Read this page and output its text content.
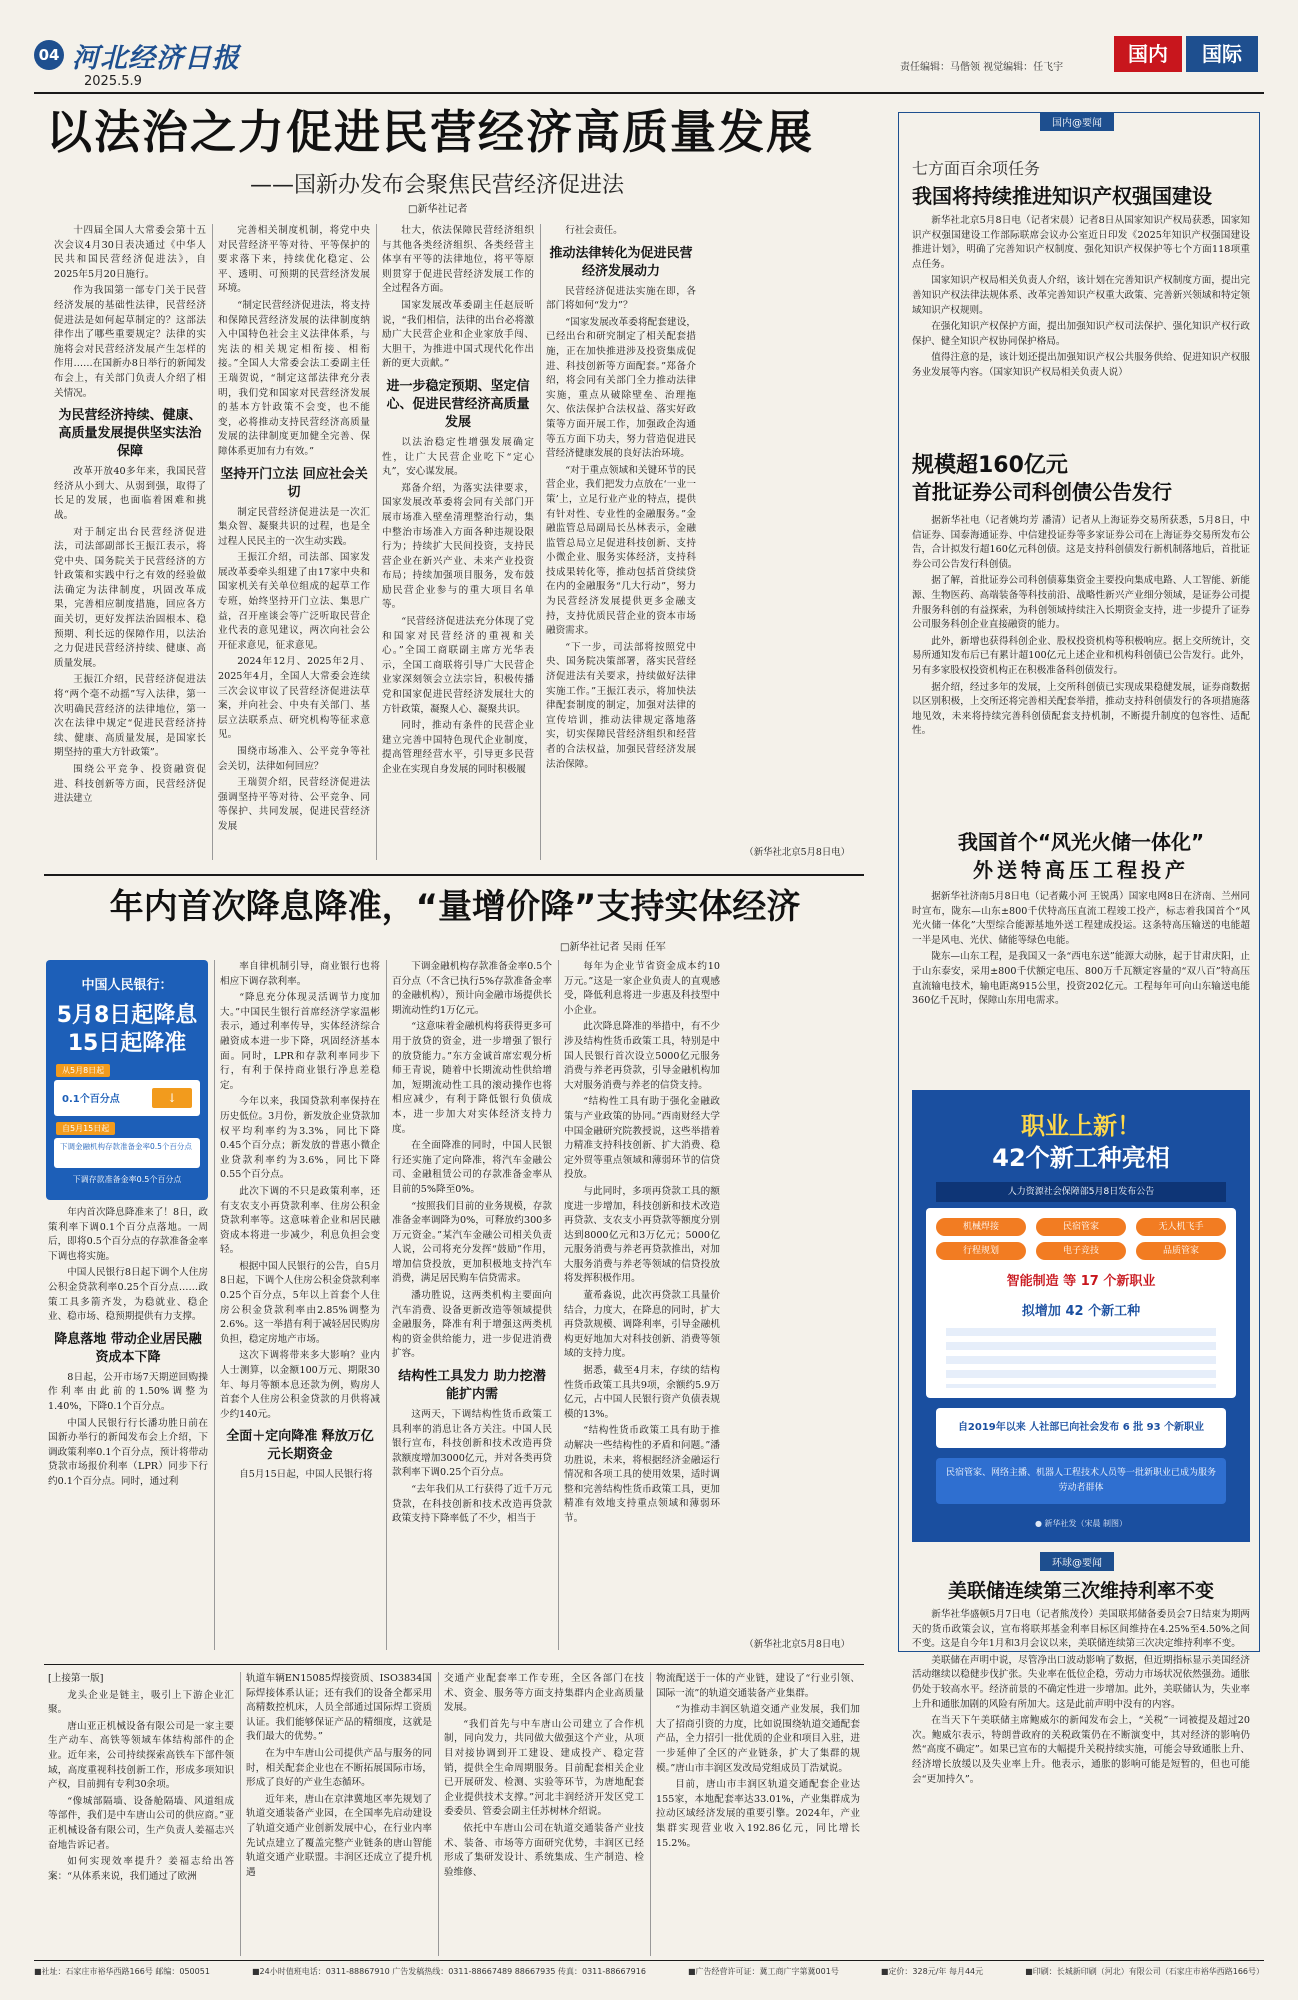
04 河北经济日报
2025.5.9
责任编辑：马偕领 视觉编辑：任飞宇
国内	国际
以法治之力促进民营经济高质量发展
——国新办发布会聚焦民营经济促进法
□新华社记者

十四届全国人大常委会第十五次会议4月30日表决通过《中华人民共和国民营经济促进法》，自2025年5月20日施行。

作为我国第一部专门关于民营经济发展的基础性法律，民营经济促进法是如何起草制定的？这部法律作出了哪些重要规定？法律的实施将会对民营经济发展产生怎样的作用……在国新办8日举行的新闻发布会上，有关部门负责人介绍了相关情况。

为民营经济持续、健康、高质量发展提供坚实法治保障

改革开放40多年来，我国民营经济从小到大、从弱到强，取得了长足的发展，也面临着困难和挑战。

对于制定出台民营经济促进法，司法部副部长王振江表示，将党中央、国务院关于民营经济的方针政策和实践中行之有效的经验做法确定为法律制度，巩固改革成果，完善相应制度措施，回应各方面关切，更好发挥法治固根本、稳预期、利长远的保障作用，以法治之力促进民营经济持续、健康、高质量发展。

王振江介绍，民营经济促进法将“两个毫不动摇”写入法律，第一次明确民营经济的法律地位，第一次在法律中规定“促进民营经济持续、健康、高质量发展，是国家长期坚持的重大方针政策”。

围绕公平竞争、投资融资促进、科技创新等方面，民营经济促进法建立

完善相关制度机制，将党中央对民营经济平等对待、平等保护的要求落下来，持续优化稳定、公平、透明、可预期的民营经济发展环境。

“制定民营经济促进法，将支持和保障民营经济发展的法律制度纳入中国特色社会主义法律体系，与宪法的相关规定相衔接、相衔接。”全国人大常委会法工委副主任王瑞贺说，“制定这部法律充分表明，我们党和国家对民营经济发展的基本方针政策不会变，也不能变，必将推动支持民营经济高质量发展的法律制度更加健全完善、保障体系更加有力有效。”

坚持开门立法 回应社会关切

制定民营经济促进法是一次汇集众智、凝聚共识的过程，也是全过程人民民主的一次生动实践。

王振江介绍，司法部、国家发展改革委牵头组建了由17家中央和国家机关有关单位组成的起草工作专班，始终坚持开门立法、集思广益，召开座谈会等广泛听取民营企业代表的意见建议，两次向社会公开征求意见，征求意见。

2024年12月、2025年2月、2025年4月，全国人大常委会连续三次会议审议了民营经济促进法草案，并向社会、中央有关部门、基层立法联系点、研究机构等征求意见。

围绕市场准入、公平竞争等社会关切，法律如何回应？

王瑞贺介绍，民营经济促进法强调坚持平等对待、公平竞争、同等保护、共同发展，促进民营经济发展

壮大，依法保障民营经济组织与其他各类经济组织、各类经营主体享有平等的法律地位，将平等原则贯穿于促进民营经济发展工作的全过程各方面。

国家发展改革委副主任赵辰昕说，“我们相信，法律的出台必将激励广大民营企业和企业家放手闯、大胆干，为推进中国式现代化作出新的更大贡献。”

进一步稳定预期、坚定信心、促进民营经济高质量发展

以法治稳定性增强发展确定性，让广大民营企业吃下“定心丸”，安心谋发展。

郑备介绍，为落实法律要求，国家发展改革委将会同有关部门开展市场准入壁垒清理整治行动，集中整治市场准入方面各种违规设限行为；持续扩大民间投资，支持民营企业在新兴产业、未来产业投资布局；持续加强项目服务，发布鼓励民营企业参与的重大项目名单等。

“民营经济促进法充分体现了党和国家对民营经济的重视和关心。”全国工商联副主席方光华表示，全国工商联将引导广大民营企业家深刻领会立法宗旨，积极传播党和国家促进民营经济发展壮大的方针政策，凝聚人心、凝聚共识。

同时，推动有条件的民营企业建立完善中国特色现代企业制度，提高管理经营水平，引导更多民营企业在实现自身发展的同时积极履

行社会责任。

推动法律转化为促进民营经济发展动力

民营经济促进法实施在即，各部门将如何“发力”？

“国家发展改革委将配套建设，已经出台和研究制定了相关配套措施，正在加快推进涉及投资集成促进、科技创新等方面配套。”郑备介绍，将会同有关部门全力推动法律实施，重点从破除壁垒、治理拖欠、依法保护合法权益、落实好政策等方面开展工作，加强政企沟通等五方面下功夫，努力营造促进民营经济健康发展的良好法治环境。

“对于重点领域和关键环节的民营企业，我们把发力点放在‘一业一策’上，立足行业产业的特点，提供有针对性、专业性的金融服务。”金融监管总局副局长丛林表示，金融监管总局立足促进科技创新、支持小微企业、服务实体经济，支持科技成果转化等，推动包括首贷续贷在内的金融服务“几大行动”，努力为民营经济发展提供更多金融支持，支持优质民营企业的资本市场融资需求。

“下一步，司法部将按照党中央、国务院决策部署，落实民营经济促进法有关要求，持续做好法律实施工作。”王振江表示，将加快法律配套制度的制定，加强对法律的宣传培训，推动法律规定落地落实，切实保障民营经济组织和经营者的合法权益，加强民营经济发展法治保障。

（新华社北京5月8日电）
年内首次降息降准，“量增价降”支持实体经济
□新华社记者 吴雨 任军
中国人民银行：
5月8日起降息
15日起降准
从5月8日起
0.1个百分点	↓
自5月15日起
下调金融机构存款准备金率0.5个百分点
下调存款准备金率0.5个百分点

年内首次降息降准来了！8日，政策利率下调0.1个百分点落地。一周后，即将0.5个百分点的存款准备金率下调也将实施。

中国人民银行8日起下调个人住房公积金贷款利率0.25个百分点……政策工具多箭齐发，为稳就业、稳企业、稳市场、稳预期提供有力支撑。

降息落地 带动企业居民融资成本下降

8日起，公开市场7天期逆回购操作利率由此前的1.50%调整为1.40%，下降0.1个百分点。

中国人民银行行长潘功胜日前在国新办举行的新闻发布会上介绍，下调政策利率0.1个百分点，预计将带动贷款市场报价利率（LPR）同步下行约0.1个百分点。同时，通过利

率自律机制引导，商业银行也将相应下调存款利率。

“降息充分体现灵活调节力度加大。”中国民生银行首席经济学家温彬表示，通过利率传导，实体经济综合融资成本进一步下降，巩固经济基本面。同时，LPR和存款利率同步下行，有利于保持商业银行净息差稳定。

今年以来，我国贷款利率保持在历史低位。3月份，新发放企业贷款加权平均利率约为3.3%，同比下降0.45个百分点；新发放的普惠小微企业贷款利率约为3.6%，同比下降0.55个百分点。

此次下调的不只是政策利率，还有支农支小再贷款利率、住房公积金贷款利率等。这意味着企业和居民融资成本将进一步减少，利息负担会变轻。

根据中国人民银行的公告，自5月8日起，下调个人住房公积金贷款利率0.25个百分点，5年以上首套个人住房公积金贷款利率由2.85%调整为2.6%。这一举措有利于减轻居民购房负担，稳定房地产市场。

这次下调将带来多大影响？业内人士测算，以金额100万元、期限30年、每月等额本息还款为例，购房人首套个人住房公积金贷款的月供将减少约140元。

全面＋定向降准 释放万亿元长期资金

自5月15日起，中国人民银行将

下调金融机构存款准备金率0.5个百分点（不含已执行5%存款准备金率的金融机构），预计向金融市场提供长期流动性约1万亿元。

“这意味着金融机构将获得更多可用于放贷的资金，进一步增强了银行的放贷能力。”东方金诚首席宏观分析师王青说，随着中长期流动性供给增加，短期流动性工具的滚动操作也将相应减少，有利于降低银行负债成本，进一步加大对实体经济支持力度。

在全面降准的同时，中国人民银行还实施了定向降准，将汽车金融公司、金融租赁公司的存款准备金率从目前的5%降至0%。

“按照我们目前的业务规模，存款准备金率调降为0%，可释放约300多万元资金。”某汽车金融公司相关负责人说，公司将充分发挥“鼓励”作用，增加信贷投放，更加积极地支持汽车消费，满足居民购车信贷需求。

潘功胜说，这两类机构主要面向汽车消费、设备更新改造等领域提供金融服务，降准有利于增强这两类机构的资金供给能力，进一步促进消费扩容。

结构性工具发力 助力挖潜能扩内需

这两天，下调结构性货币政策工具利率的消息让各方关注。中国人民银行宣布，科技创新和技术改造再贷款额度增加3000亿元，并对各类再贷款利率下调0.25个百分点。

“去年我们从工行获得了近千万元贷款，在科技创新和技术改造再贷款政策支持下降率低了不少，相当于

每年为企业节省资金成本约10万元。”这是一家企业负责人的直观感受，降低利息将进一步惠及科技型中小企业。

此次降息降准的举措中，有不少涉及结构性货币政策工具，特别是中国人民银行首次设立5000亿元服务消费与养老再贷款，引导金融机构加大对服务消费与养老的信贷支持。

“结构性工具有助于强化金融政策与产业政策的协同。”西南财经大学中国金融研究院教授说，这些举措着力精准支持科技创新、扩大消费、稳定外贸等重点领域和薄弱环节的信贷投放。

与此同时，多项再贷款工具的额度进一步增加，科技创新和技术改造再贷款、支农支小再贷款等额度分别达到8000亿元和3万亿元；5000亿元服务消费与养老再贷款推出，对加大服务消费与养老等领域的信贷投放将发挥积极作用。

董希淼说，此次再贷款工具量价结合，力度大，在降息的同时，扩大再贷款规模、调降利率，引导金融机构更好地加大对科技创新、消费等领域的支持力度。

据悉，截至4月末，存续的结构性货币政策工具共9项，余额约5.9万亿元，占中国人民银行资产负债表规模的13%。

“结构性货币政策工具有助于推动解决一些结构性的矛盾和问题。”潘功胜说，未来，将根据经济金融运行情况和各项工具的使用效果，适时调整和完善结构性货币政策工具，更加精准有效地支持重点领域和薄弱环节。

（新华社北京5月8日电）
国内@要闻
七方面百余项任务
我国将持续推进知识产权强国建设

新华社北京5月8日电（记者宋晨）记者8日从国家知识产权局获悉，国家知识产权强国建设工作部际联席会议办公室近日印发《2025年知识产权强国建设推进计划》，明确了完善知识产权制度、强化知识产权保护等七个方面118项重点任务。

国家知识产权局相关负责人介绍，该计划在完善知识产权制度方面，提出完善知识产权法律法规体系、改革完善知识产权重大政策、完善新兴领域和特定领域知识产权规则。

在强化知识产权保护方面，提出加强知识产权司法保护、强化知识产权行政保护、健全知识产权协同保护格局。

值得注意的是，该计划还提出加强知识产权公共服务供给、促进知识产权服务业发展等内容。（国家知识产权局相关负责人说）

规模超160亿元
首批证券公司科创债公告发行

据新华社电（记者姚均芳 潘清）记者从上海证券交易所获悉，5月8日，中信证券、国泰海通证券、中信建投证券等多家证券公司在上海证券交易所发布公告，合计拟发行超160亿元科创债。这是支持科创债发行新机制落地后，首批证券公司公告发行科创债。

据了解，首批证券公司科创债募集资金主要投向集成电路、人工智能、新能源、生物医药、高端装备等科技前沿、战略性新兴产业细分领域，是证券公司提升服务科创的有益探索，为科创领域持续注入长期资金支持，进一步提升了证券公司服务科创企业直接融资的能力。

此外，新增也获得科创企业、股权投资机构等积极响应。据上交所统计，交易所通知发布后已有累计超100亿元上述企业和机构科创债已公告发行。此外，另有多家股权投资机构正在积极准备科创债发行。

据介绍，经过多年的发展，上交所科创债已实现成果稳健发展，证券商数据以区别积极，上交所还将完善相关配套举措，推动支持科创债发行的各项措施落地见效，未来将持续完善科创债配套支持机制，不断提升制度的包容性、适配性。

我国首个“风光火储一体化”
外送特高压工程投产

据新华社济南5月8日电（记者戴小河 王锐禹）国家电网8日在济南、兰州同时宣布，陇东—山东±800千伏特高压直流工程竣工投产，标志着我国首个“风光火储一体化”大型综合能源基地外送工程建成投运。这条特高压输送的电能超一半是风电、光伏、储能等绿色电能。

陇东—山东工程，是我国又一条“西电东送”能源大动脉，起于甘肃庆阳，止于山东泰安，采用±800千伏额定电压、800万千瓦额定容量的“双八百”特高压直流输电技术，输电距离915公里，投资202亿元。工程每年可向山东输送电能360亿千瓦时，保障山东用电需求。

职业上新！
42个新工种亮相
人力资源社会保障部5月8日发布公告
机械焊接	民宿管家	无人机飞手
行程规划	电子竞技	品质管家
智能制造 等 17 个新职业
拟增加 42 个新工种
自2019年以来 人社部已向社会发布 6 批 93 个新职业
民宿管家、网络主播、机器人工程技术人员等一批新职业已成为服务劳动者群体
● 新华社发（宋晨 制图）
环球@要闻
美联储连续第三次维持利率不变

新华社华盛顿5月7日电（记者熊茂伶）美国联邦储备委员会7日结束为期两天的货币政策会议，宣布将联邦基金利率目标区间维持在4.25%至4.50%之间不变。这是自今年1月和3月会议以来，美联储连续第三次决定维持利率不变。

美联储在声明中说，尽管净出口波动影响了数据，但近期指标显示美国经济活动继续以稳健步伐扩张。失业率在低位企稳，劳动力市场状况依然强劲。通胀仍处于较高水平。经济前景的不确定性进一步增加。此外，美联储认为，失业率上升和通胀加剧的风险有所加大。这是此前声明中没有的内容。

在当天下午美联储主席鲍威尔的新闻发布会上，“关税”一词被提及超过20次。鲍威尔表示，特朗普政府的关税政策仍在不断演变中，其对经济的影响仍然“高度不确定”。如果已宣布的大幅提升关税持续实施，可能会导致通胀上升、经济增长放缓以及失业率上升。他表示，通胀的影响可能是短暂的，但也可能会“更加持久”。

[上接第一版]

龙头企业是链主，吸引上下游企业汇聚。

唐山亚正机械设备有限公司是一家主要生产动车、高铁等领域车体结构部件的企业。近年来，公司持续探索高铁车下部件领域，高度重视科技创新工作，形成多项知识产权，目前拥有专利30余项。

“像城部隔墙、设备舱隔墙、风道组成等部件，我们是中车唐山公司的供应商。”亚正机械设备有限公司，生产负责人姜福志兴奋地告诉记者。

如何实现效率提升？姜福志给出答案：“从体系来说，我们通过了欧洲

轨道车辆EN15085焊接资质、ISO3834国际焊接体系认证；还有我们的设备全都采用高精数控机床，人员全部通过国际焊工资质认证。我们能够保证产品的精细度，这就是我们最大的优势。”

在为中车唐山公司提供产品与服务的同时，相关配套企业也在不断拓展国际市场，形成了良好的产业生态循环。

近年来，唐山在京津冀地区率先规划了轨道交通装备产业园，在全国率先启动建设了轨道交通产业创新发展中心，在行业内率先试点建立了覆盖完整产业链条的唐山智能轨道交通产业联盟。丰润区还成立了提升机遇

交通产业配套率工作专班，全区各部门在技术、资金、服务等方面支持集群内企业高质量发展。

“我们首先与中车唐山公司建立了合作机制，同向发力，共同做大做强这个产业，从项目对接协调到开工建设、建成投产、稳定营销，提供全生命周期服务。目前配套相关企业已开展研发、检测、实验等环节，为唐地配套企业提供技术支撑。”河北丰润经济开发区党工委委员、管委会副主任苏树林介绍说。

依托中车唐山公司在轨道交通装备产业技术、装备、市场等方面研究优势，丰润区已经形成了集研发设计、系统集成、生产制造、检验维修、

物流配送于一体的产业链，建设了“行业引领、国际一流”的轨道交通装备产业集群。

“为推动丰润区轨道交通产业发展，我们加大了招商引资的力度，比如说围绕轨道交通配套产品，全力招引一批优质的企业和项目入驻，进一步延伸了全区的产业链条，扩大了集群的规模。”唐山市丰润区发改局党组成员丁浩斌说。

目前，唐山市丰润区轨道交通配套企业达155家，本地配套率达33.01%，产业集群成为拉动区域经济发展的重要引擎。2024年，产业集群实现营业收入192.86亿元，同比增长15.2%。

■社址：石家庄市裕华西路166号 邮编：050051	■24小时值班电话：0311-88867910 广告发稿热线：0311-88667489 88667935 传真：0311-88667916	■广告经营许可证：冀工商广字第冀001号	■定价：328元/年 每月44元	■印刷：长城新印刷（河北）有限公司（石家庄市裕华西路166号）
